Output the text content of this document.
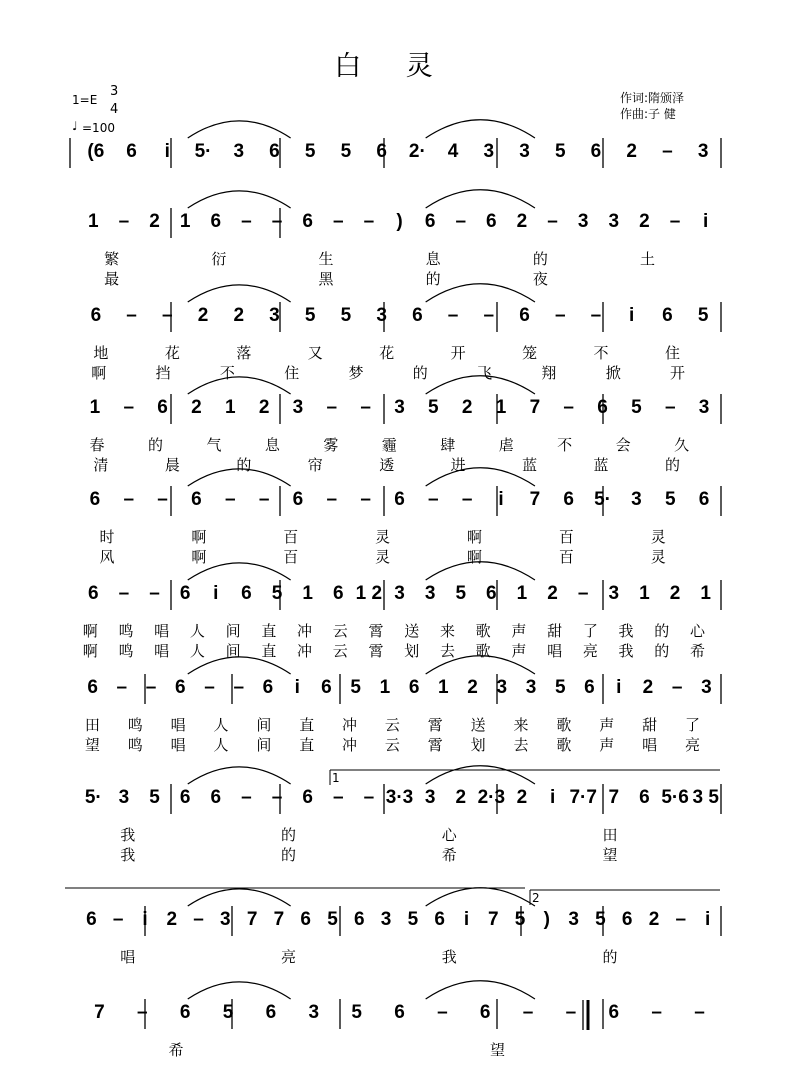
白 灵
1=E
3
4
♩ =100
作词:隋颁泽
作曲:子 健
(6 6 i 5· 3 6 5 5 6 2· 4 3 3 5 6 2 – 3
1 – 2 1 6 – – 6 – – ) 6 – 6 2 – 3 3 2 – i
繁	衍	生	息	的	土
最	黑	的	夜
6 – – 2 2 3 5 5 3 6 – – 6 – – i 6 5
地	花	落	又	花	开	笼	不	住
啊	挡	不	住	梦	的	飞	翔	掀	开
1 – 6 2 1 2 3 – – 3 5 2 1 7 – 6 5 – 3
春	的	气	息	雾	霾	肆	虐	不	会	久
清	晨	的	帘	透	进	蓝	蓝	的
6 – – 6 – – 6 – – 6 – – i 7 6 5· 3 5 6
时	啊	百	灵	啊	百	灵
风	啊	百	灵	啊	百	灵
6 – – 6 i 6 5 1 6 1 2 3 3 5 6 1 2 – 3 1 2 1
啊 鸣 唱 人 间 直 冲 云 霄 送 来 歌 声 甜 了 我 的 心
啊 鸣 唱 人 间 直 冲 云 霄 划 去 歌 声 唱 亮 我 的 希
6 – – 6 – – 6 i 6 5 1 6 1 2 3 3 5 6 i 2 – 3
田 鸣 唱 人 间 直 冲 云 霄 送 来 歌 声 甜 了
望 鸣 唱 人 间 直 冲 云 霄 划 去 歌 声 唱 亮
5· 3 5 6 6 – – 6 – – 3·3 3 2 2·3 2 i 7·7 7 6 5·6 3 5
我	的	心	田
我	的	希	望
6 – i 2 – 3 7 7 6 5 6 3 5 6 i 7 5 ) 3 5 6 2 – i
唱	亮	我	的
7 – 6 5 6 3 5 6 – 6 – – 6 – –
希	望
1
2
